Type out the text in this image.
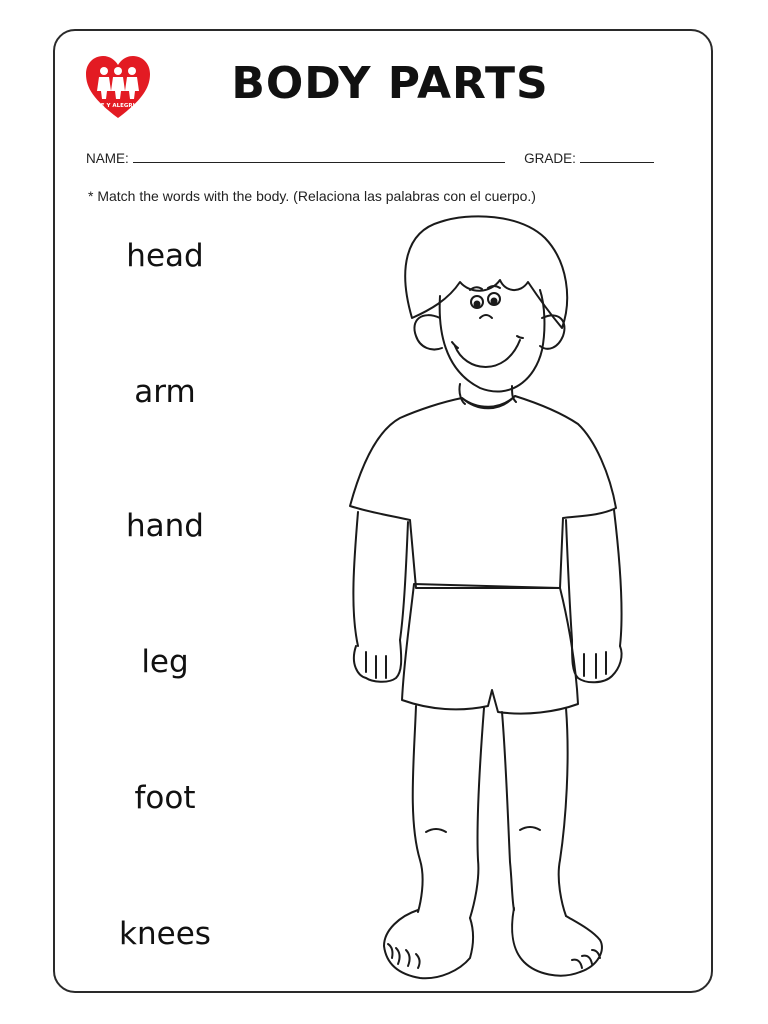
FE Y ALEGRIA	BODY PARTS
NAME:	GRADE:
* Match the words with the body. (Relaciona las palabras con el cuerpo.)
head
arm
hand
leg
foot
knees
